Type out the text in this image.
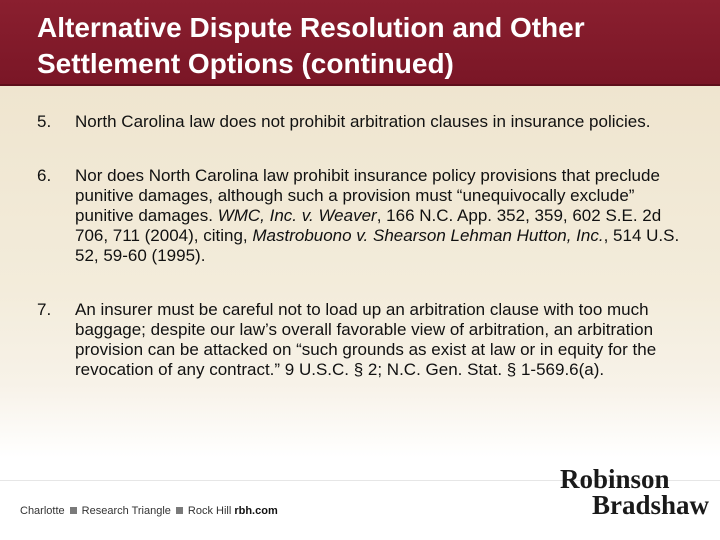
Alternative Dispute Resolution and Other
Settlement Options (continued)
5. North Carolina law does not prohibit arbitration clauses in insurance policies.
6. Nor does North Carolina law prohibit insurance policy provisions that preclude punitive damages, although such a provision must “unequivocally exclude” punitive damages. WMC, Inc. v. Weaver, 166 N.C. App. 352, 359, 602 S.E. 2d 706, 711 (2004), citing, Mastrobuono v. Shearson Lehman Hutton, Inc., 514 U.S. 52, 59-60 (1995).
7. An insurer must be careful not to load up an arbitration clause with too much baggage; despite our law’s overall favorable view of arbitration, an arbitration provision can be attacked on “such grounds as exist at law or in equity for the revocation of any contract.” 9 U.S.C. § 2; N.C. Gen. Stat. § 1-569.6(a).
Charlotte Research Triangle Rock Hill rbh.com
Robinson
Bradshaw
